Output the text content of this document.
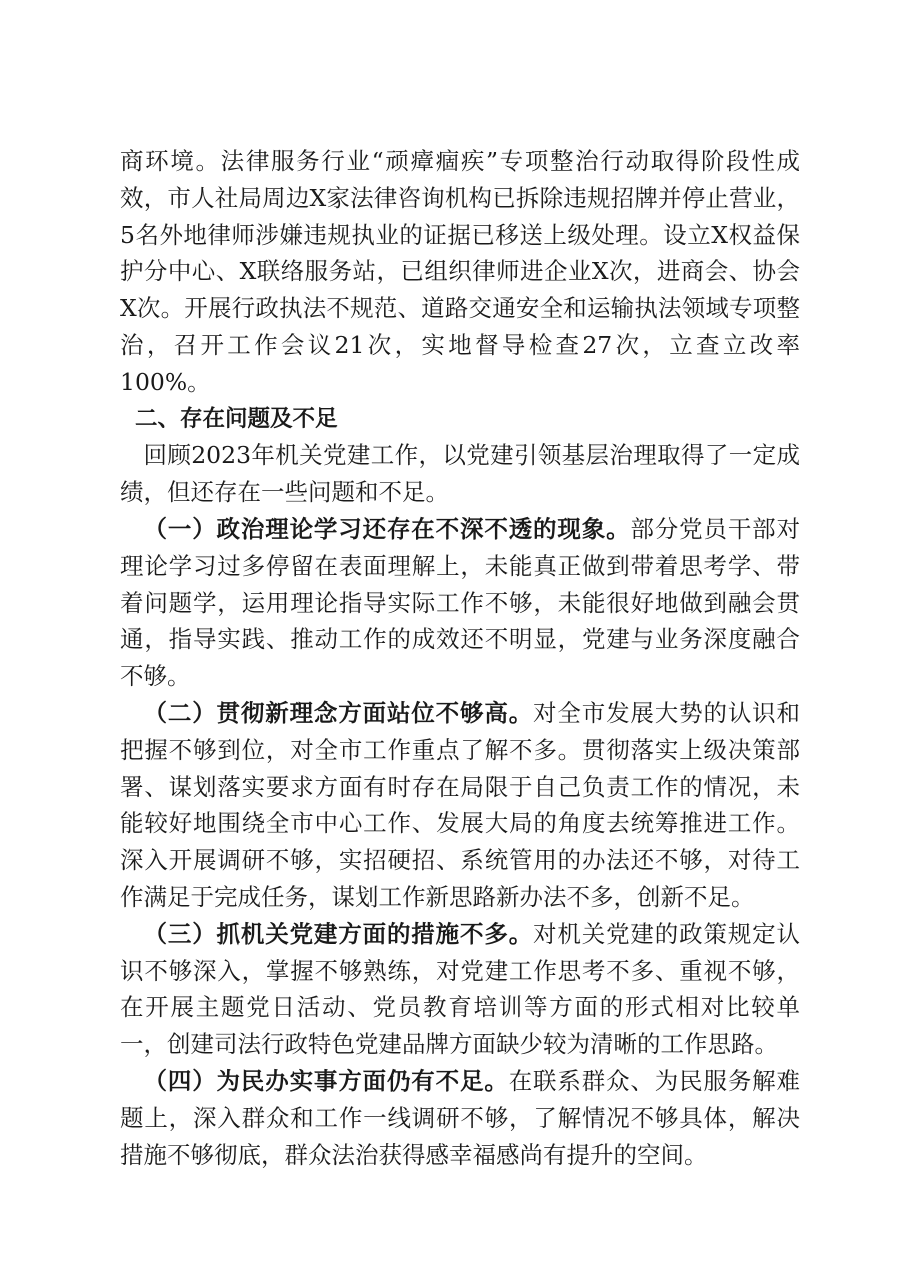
商环境。法律服务行业“顽瘴痼疾”专项整治行动取得阶段性成效，市人社局周边X家法律咨询机构已拆除违规招牌并停止营业，5名外地律师涉嫌违规执业的证据已移送上级处理。设立X权益保护分中心、X联络服务站，已组织律师进企业X次，进商会、协会X次。开展行政执法不规范、道路交通安全和运输执法领域专项整治，召开工作会议21次，实地督导检查27次，立查立改率100%。

二、存在问题及不足

回顾2023年机关党建工作，以党建引领基层治理取得了一定成绩，但还存在一些问题和不足。

（一）政治理论学习还存在不深不透的现象。部分党员干部对理论学习过多停留在表面理解上，未能真正做到带着思考学、带着问题学，运用理论指导实际工作不够，未能很好地做到融会贯通，指导实践、推动工作的成效还不明显，党建与业务深度融合不够。

（二）贯彻新理念方面站位不够高。对全市发展大势的认识和把握不够到位，对全市工作重点了解不多。贯彻落实上级决策部署、谋划落实要求方面有时存在局限于自己负责工作的情况，未能较好地围绕全市中心工作、发展大局的角度去统筹推进工作。深入开展调研不够，实招硬招、系统管用的办法还不够，对待工作满足于完成任务，谋划工作新思路新办法不多，创新不足。

（三）抓机关党建方面的措施不多。对机关党建的政策规定认识不够深入，掌握不够熟练，对党建工作思考不多、重视不够，在开展主题党日活动、党员教育培训等方面的形式相对比较单一，创建司法行政特色党建品牌方面缺少较为清晰的工作思路。

（四）为民办实事方面仍有不足。在联系群众、为民服务解难题上，深入群众和工作一线调研不够，了解情况不够具体，解决措施不够彻底，群众法治获得感幸福感尚有提升的空间。
